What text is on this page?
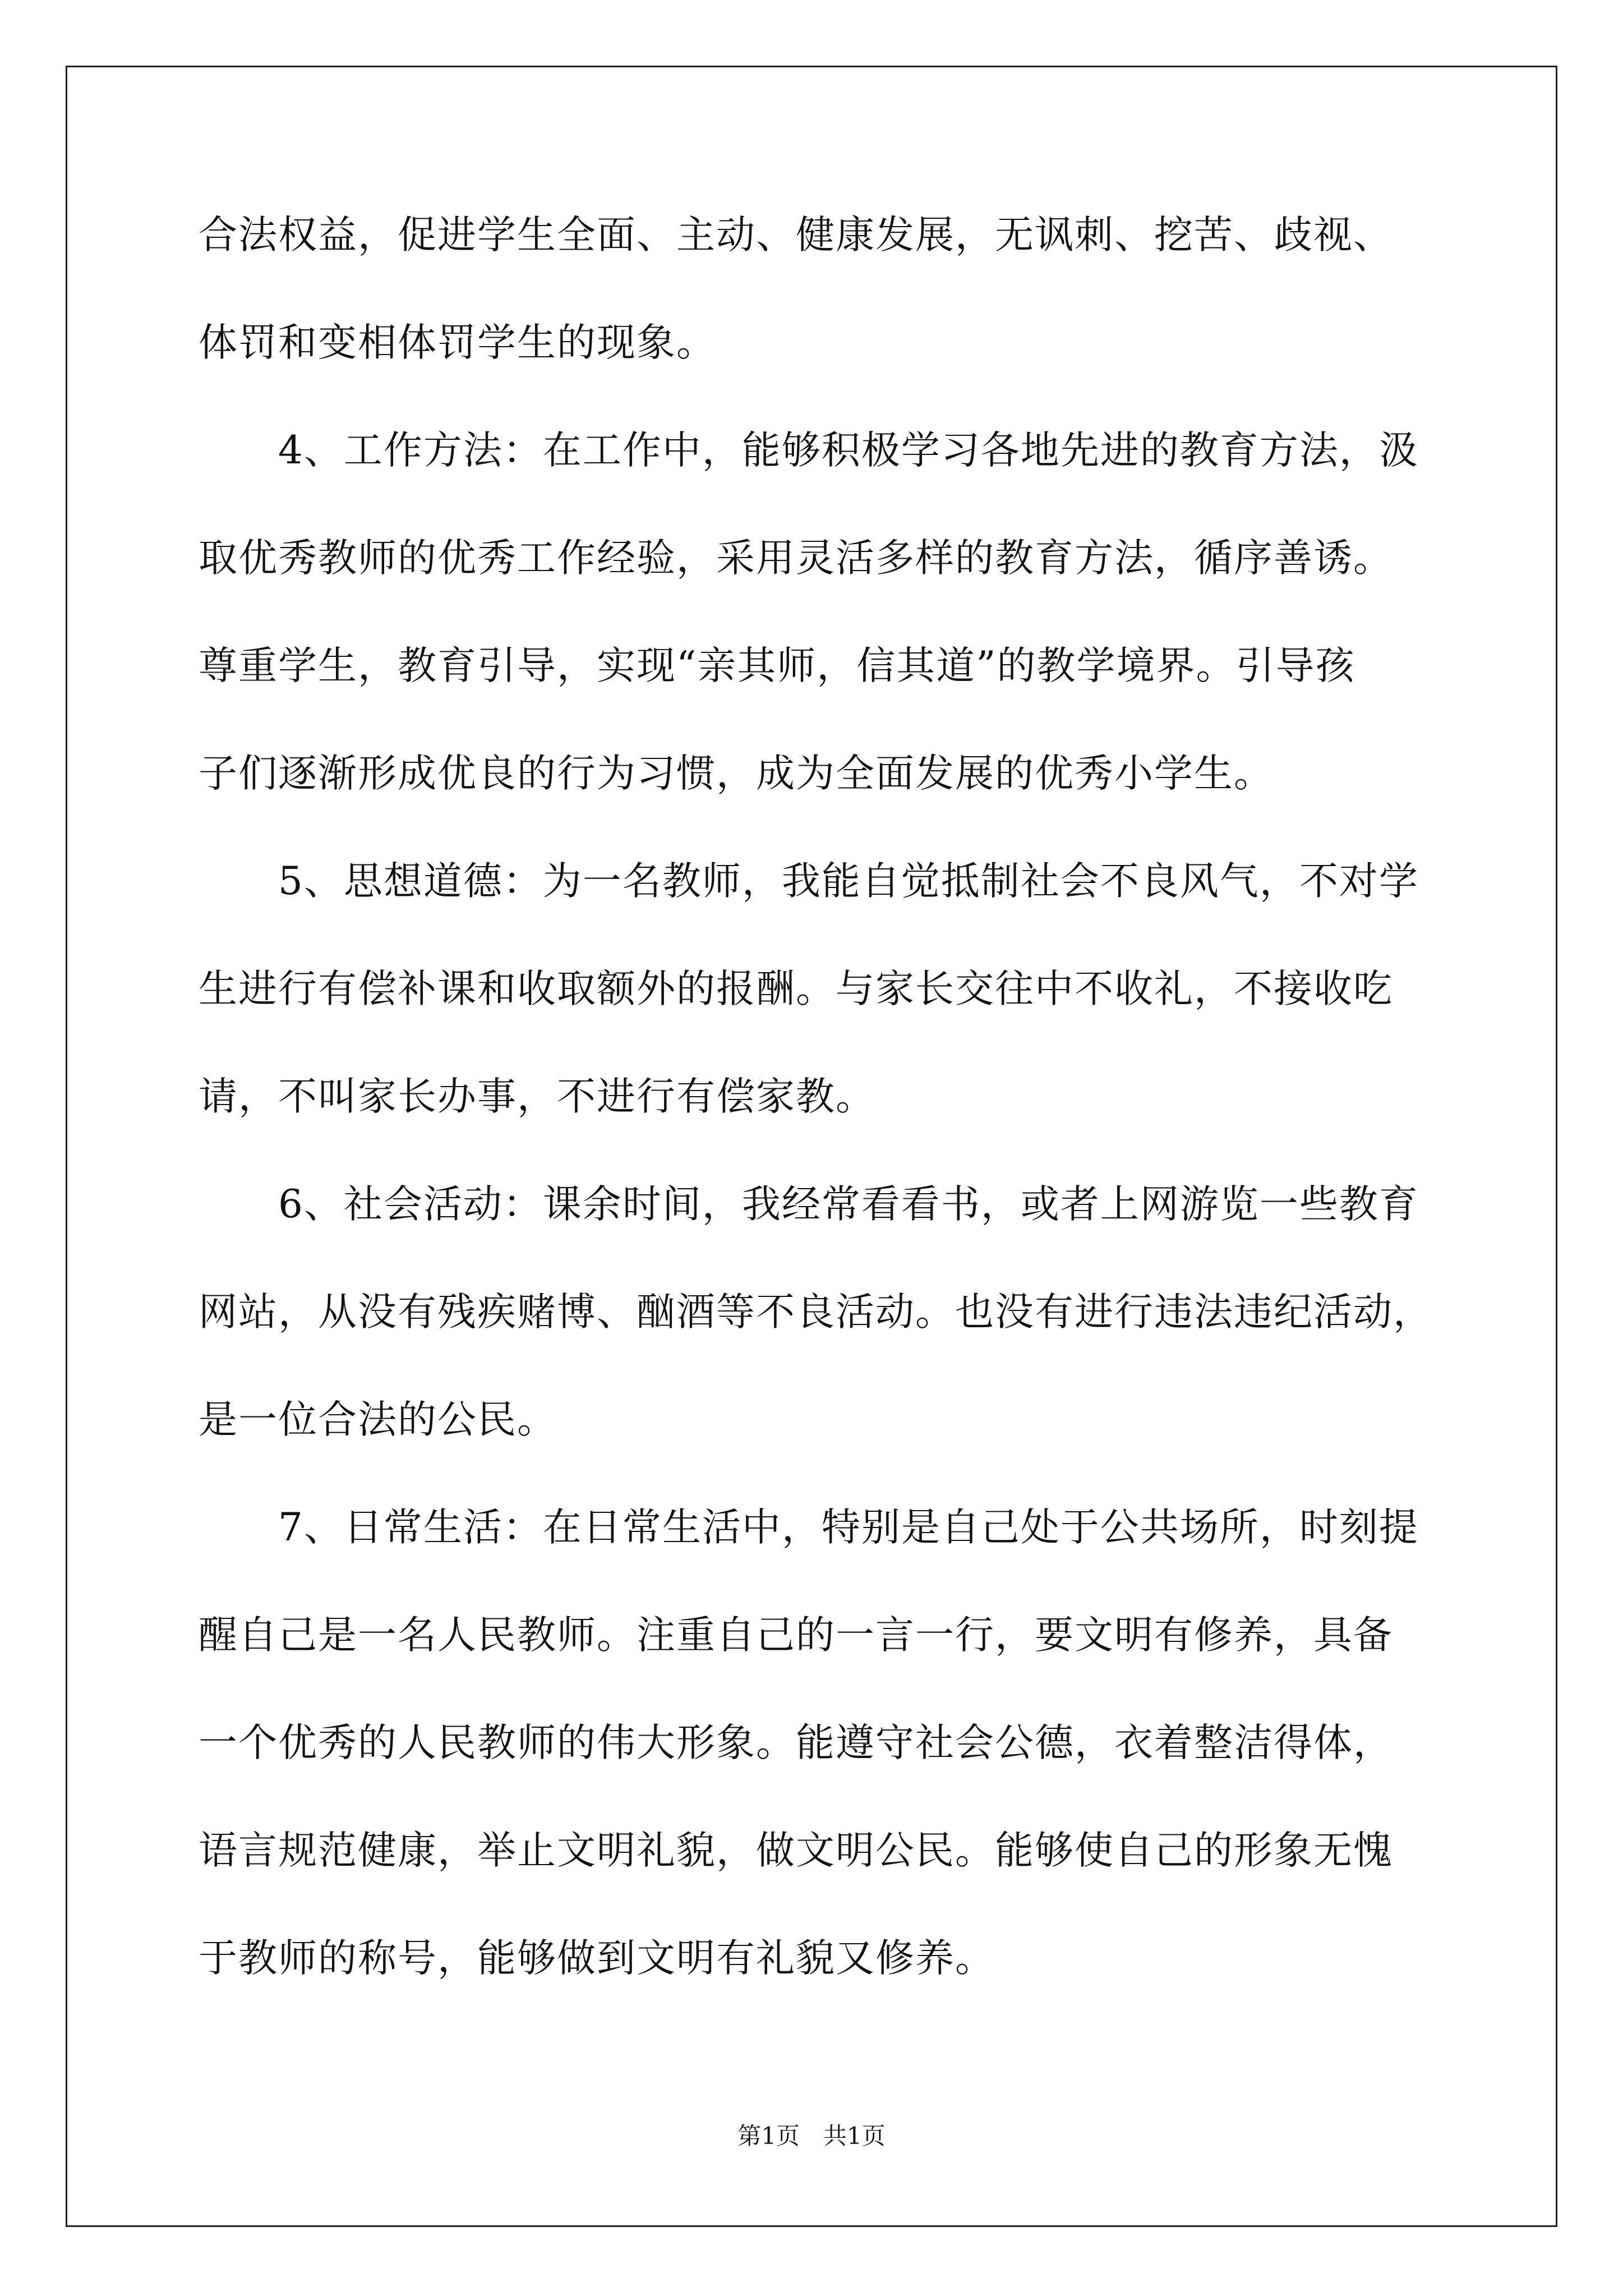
合法权益，促进学生全面、主动、健康发展，无讽刺、挖苦、歧视、
体罚和变相体罚学生的现象。
　　4、工作方法：在工作中，能够积极学习各地先进的教育方法，汲
取优秀教师的优秀工作经验，采用灵活多样的教育方法，循序善诱。
尊重学生，教育引导，实现“亲其师，信其道”的教学境界。引导孩
子们逐渐形成优良的行为习惯，成为全面发展的优秀小学生。
　　5、思想道德：为一名教师，我能自觉抵制社会不良风气，不对学
生进行有偿补课和收取额外的报酬。与家长交往中不收礼，不接收吃
请，不叫家长办事，不进行有偿家教。
　　6、社会活动：课余时间，我经常看看书，或者上网游览一些教育
网站，从没有残疾赌博、酗酒等不良活动。也没有进行违法违纪活动，
是一位合法的公民。
　　7、日常生活：在日常生活中，特别是自己处于公共场所，时刻提
醒自己是一名人民教师。注重自己的一言一行，要文明有修养，具备
一个优秀的人民教师的伟大形象。能遵守社会公德，衣着整洁得体，
语言规范健康，举止文明礼貌，做文明公民。能够使自己的形象无愧
于教师的称号，能够做到文明有礼貌又修养。
第1页　共1页
